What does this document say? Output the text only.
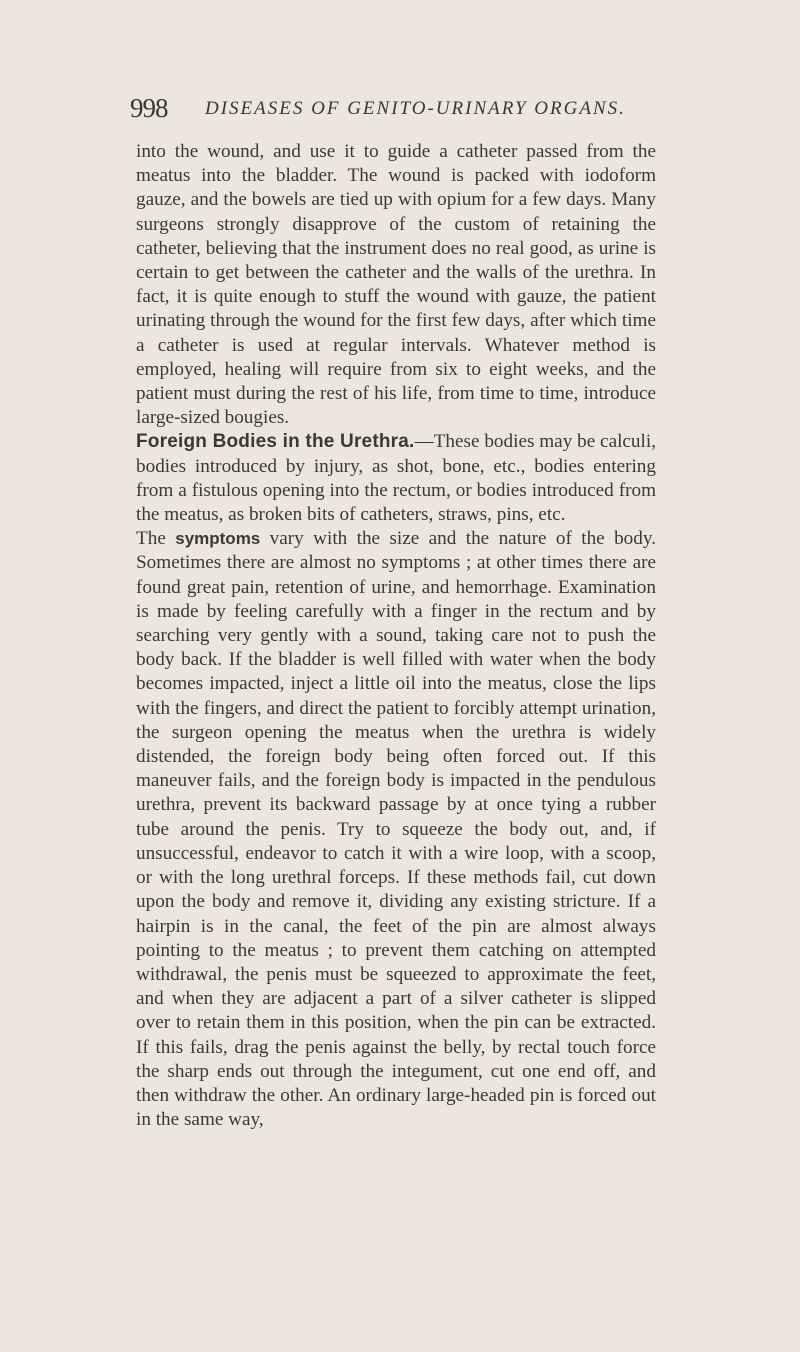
998 DISEASES OF GENITO-URINARY ORGANS.

into the wound, and use it to guide a catheter passed from the meatus into the bladder. The wound is packed with iodoform gauze, and the bowels are tied up with opium for a few days. Many surgeons strongly disapprove of the custom of retaining the catheter, believing that the instrument does no real good, as urine is certain to get between the catheter and the walls of the urethra. In fact, it is quite enough to stuff the wound with gauze, the patient urinating through the wound for the first few days, after which time a catheter is used at regular intervals. Whatever method is employed, healing will require from six to eight weeks, and the patient must during the rest of his life, from time to time, introduce large-sized bougies.

Foreign Bodies in the Urethra.—These bodies may be calculi, bodies introduced by injury, as shot, bone, etc., bodies entering from a fistulous opening into the rectum, or bodies introduced from the meatus, as broken bits of catheters, straws, pins, etc.

The symptoms vary with the size and the nature of the body. Sometimes there are almost no symptoms ; at other times there are found great pain, retention of urine, and hemorrhage. Examination is made by feeling carefully with a finger in the rectum and by searching very gently with a sound, taking care not to push the body back. If the bladder is well filled with water when the body becomes impacted, inject a little oil into the meatus, close the lips with the fingers, and direct the patient to forcibly attempt urination, the surgeon opening the meatus when the urethra is widely distended, the foreign body being often forced out. If this maneuver fails, and the foreign body is impacted in the pendulous urethra, prevent its backward passage by at once tying a rubber tube around the penis. Try to squeeze the body out, and, if unsuccessful, endeavor to catch it with a wire loop, with a scoop, or with the long urethral forceps. If these methods fail, cut down upon the body and remove it, dividing any existing stricture. If a hairpin is in the canal, the feet of the pin are almost always pointing to the meatus ; to prevent them catching on attempted withdrawal, the penis must be squeezed to approximate the feet, and when they are adjacent a part of a silver catheter is slipped over to retain them in this position, when the pin can be extracted. If this fails, drag the penis against the belly, by rectal touch force the sharp ends out through the integument, cut one end off, and then withdraw the other. An ordinary large-headed pin is forced out in the same way,
